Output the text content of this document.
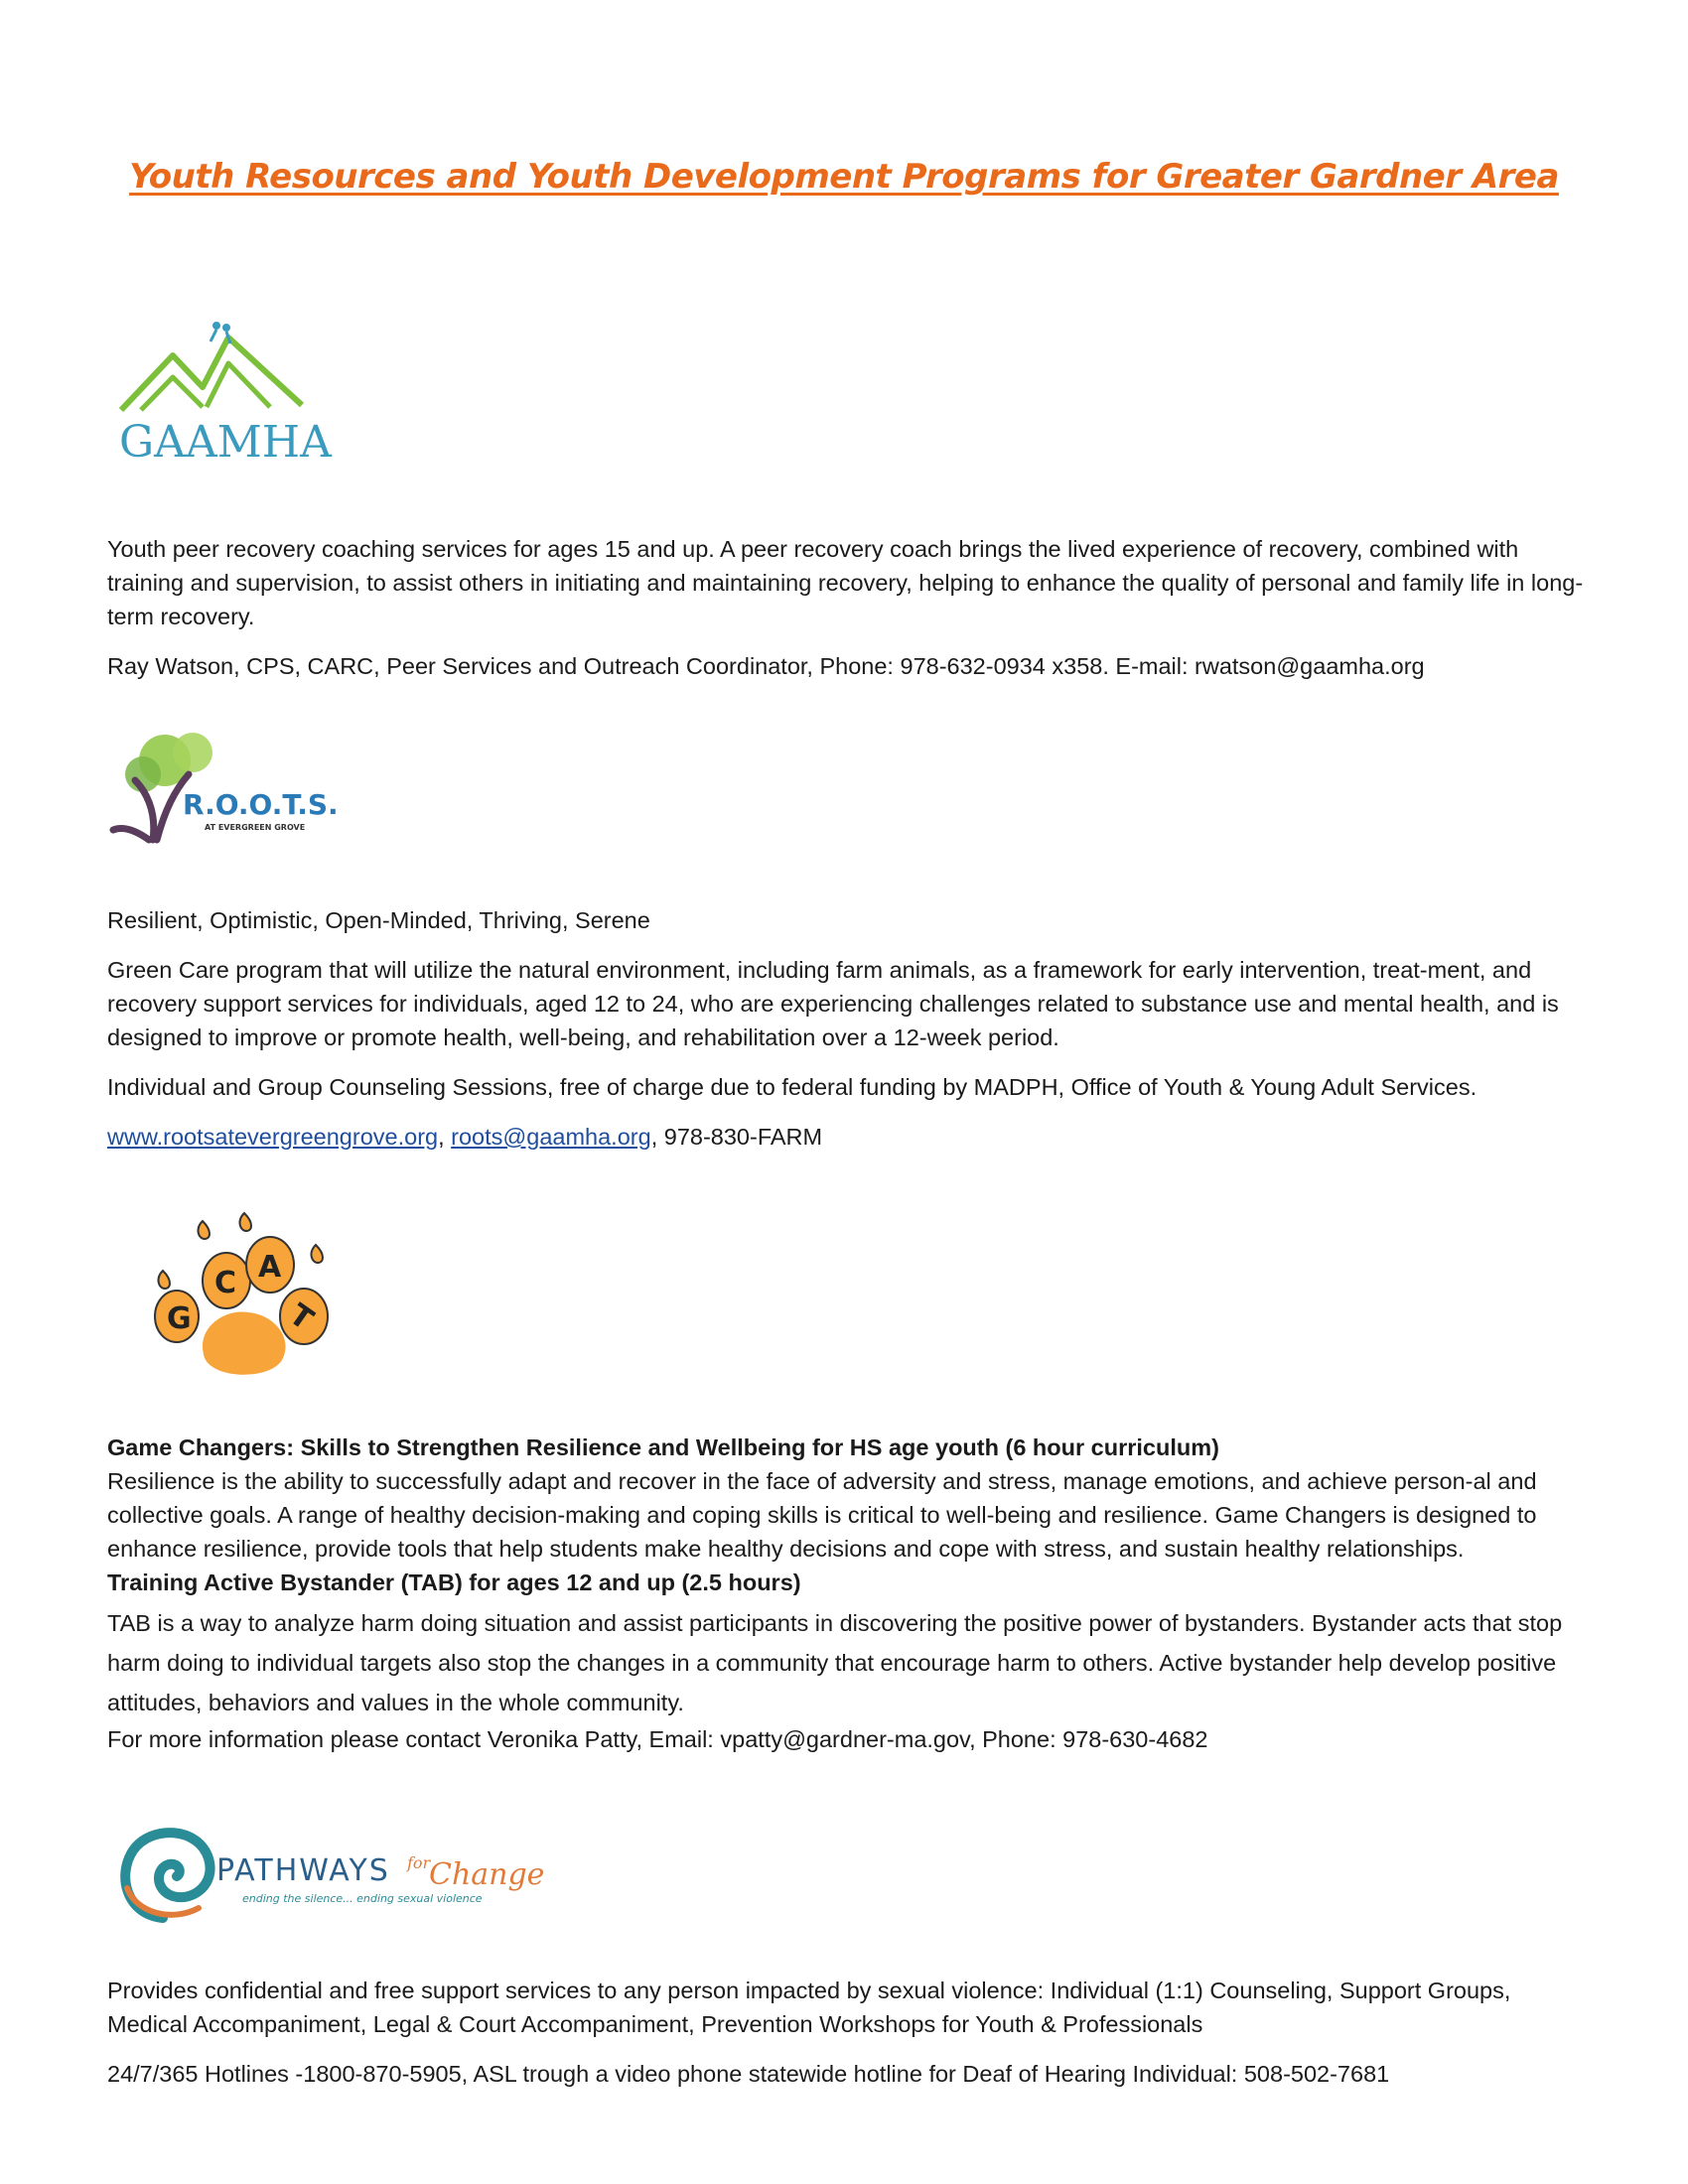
Youth Resources and Youth Development Programs for Greater Gardner Area
GAAMHA

Youth peer recovery coaching services for ages 15 and up. A peer recovery coach brings the lived experience of recovery, combined with training and supervision, to assist others in initiating and maintaining recovery, helping to enhance the quality of personal and family life in long-term recovery.

Ray Watson, CPS, CARC, Peer Services and Outreach Coordinator, Phone: 978-632-0934 x358. E-mail: rwatson@gaamha.org

R.O.O.T.S.
AT EVERGREEN GROVE

Resilient, Optimistic, Open-Minded, Thriving, Serene

Green Care program that will utilize the natural environment, including farm animals, as a framework for early intervention, treat-ment, and recovery support services for individuals, aged 12 to 24, who are experiencing challenges related to substance use and mental health, and is designed to improve or promote health, well-being, and rehabilitation over a 12-week period.

Individual and Group Counseling Sessions, free of charge due to federal funding by MADPH, Office of Youth & Young Adult Services.

www.rootsatevergreengrove.org, roots@gaamha.org, 978-830-FARM

G
C A
T

Game Changers: Skills to Strengthen Resilience and Wellbeing for HS age youth (6 hour curriculum)

Resilience is the ability to successfully adapt and recover in the face of adversity and stress, manage emotions, and achieve person-al and collective goals. A range of healthy decision-making and coping skills is critical to well-being and resilience. Game Changers is designed to enhance resilience, provide tools that help students make healthy decisions and cope with stress, and sustain healthy relationships.

Training Active Bystander (TAB) for ages 12 and up (2.5 hours)

TAB is a way to analyze harm doing situation and assist participants in discovering the positive power of bystanders. Bystander acts that stop harm doing to individual targets also stop the changes in a community that encourage harm to others. Active bystander help develop positive attitudes, behaviors and values in the whole community.

For more information please contact Veronika Patty, Email: vpatty@gardner-ma.gov, Phone: 978-630-4682

PATHWAYS for
Change
ending the silence... ending sexual violence

Provides confidential and free support services to any person impacted by sexual violence: Individual (1:1) Counseling, Support Groups, Medical Accompaniment, Legal & Court Accompaniment, Prevention Workshops for Youth & Professionals

24/7/365 Hotlines -1800-870-5905, ASL trough a video phone statewide hotline for Deaf of Hearing Individual: 508-502-7681
